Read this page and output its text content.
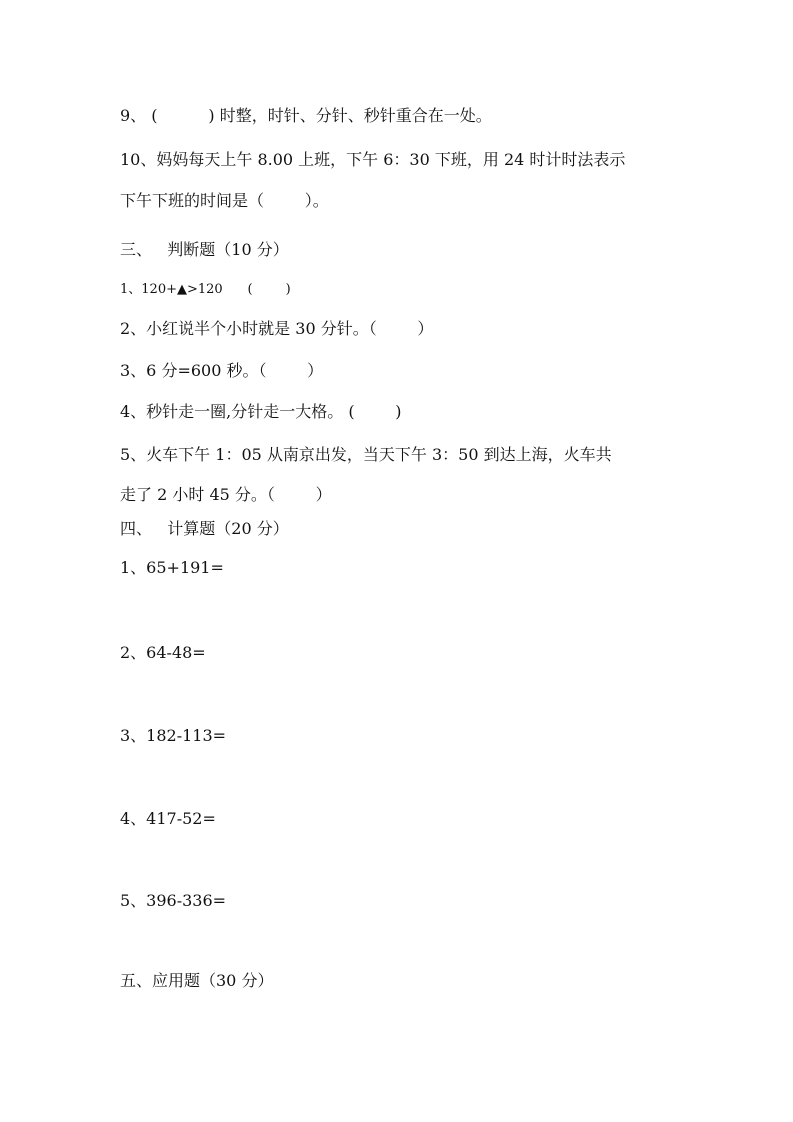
9、 (          ) 时整，时针、分针、秒针重合在一处。
10、妈妈每天上午 8.00 上班，下午 6：30 下班，用 24 时计时法表示
下午下班的时间是（        ）。
三、   判断题（10 分）
1、120+▲>120      (        )
2、小红说半个小时就是 30 分针。（        ）
3、6 分=600 秒。（        ）
4、秒针走一圈,分针走一大格。 (        )
5、火车下午 1：05 从南京出发，当天下午 3：50 到达上海，火车共
走了 2 小时 45 分。（        ）
四、   计算题（20 分）
1、65+191=
2、64-48=
3、182-113=
4、417-52=
5、396-336=
五、应用题（30 分）
